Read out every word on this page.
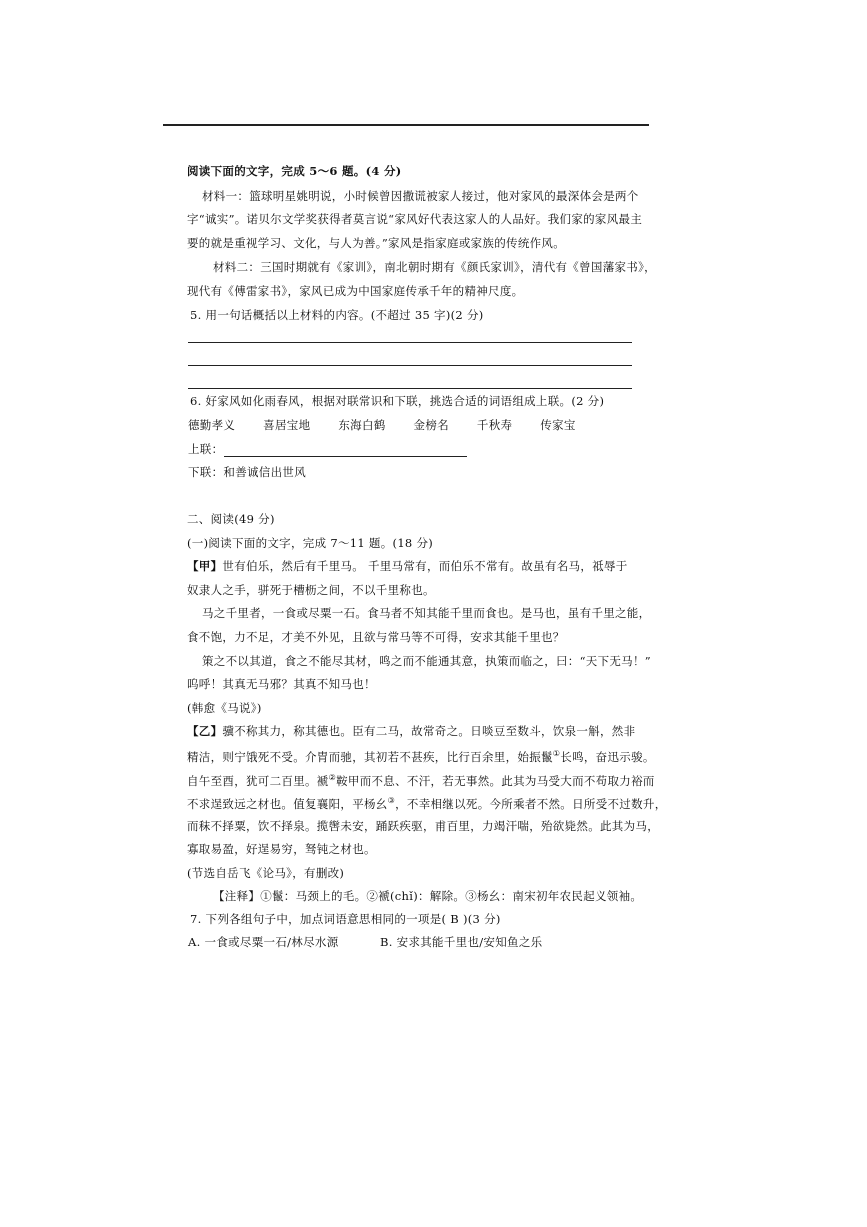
阅读下面的文字，完成 5～6 题。(4 分)
材料一：篮球明星姚明说，小时候曾因撒谎被家人接过，他对家风的最深体会是两个
字“诚实”。诺贝尔文学奖获得者莫言说“家风好代表这家人的人品好。我们家的家风最主
要的就是重视学习、文化，与人为善。”家风是指家庭或家族的传统作风。
材料二：三国时期就有《家训》，南北朝时期有《颜氏家训》，清代有《曾国藩家书》，
现代有《傅雷家书》，家风已成为中国家庭传承千年的精神尺度。
5. 用一句话概括以上材料的内容。(不超过 35 字)(2 分)
6. 好家风如化雨春风，根据对联常识和下联，挑选合适的词语组成上联。(2 分)
德勤孝义 喜居宝地 东海白鹤 金榜名 千秋寿 传家宝
上联：
下联：和善诚信出世风
二、阅读(49 分)
(一)阅读下面的文字，完成 7～11 题。(18 分)
【甲】世有伯乐，然后有千里马。 千里马常有，而伯乐不常有。故虽有名马，祗辱于
奴隶人之手，骈死于槽枥之间，不以千里称也。
马之千里者，一食或尽粟一石。食马者不知其能千里而食也。是马也，虽有千里之能，
食不饱，力不足，才美不外见，且欲与常马等不可得，安求其能千里也？
策之不以其道，食之不能尽其材，鸣之而不能通其意，执策而临之，曰：“天下无马！”
呜呼！其真无马邪？其真不知马也！
(韩愈《马说》)
【乙】骥不称其力，称其德也。臣有二马，故常奇之。日啖豆至数斗，饮泉一斛，然非
精洁，则宁饿死不受。介胄而驰，其初若不甚疾，比行百余里，始振鬣①长鸣，奋迅示骏。
自午至酉，犹可二百里。褫②鞍甲而不息、不汗，若无事然。此其为马受大而不苟取力裕而
不求逞致远之材也。值复襄阳，平杨幺③，不幸相继以死。今所乘者不然。日所受不过数升，
而秣不择粟，饮不择泉。揽辔未安，踊跃疾驱，甫百里，力竭汗喘，殆欲毙然。此其为马，
寡取易盈，好逞易穷，驽钝之材也。
(节选自岳飞《论马》，有删改)
【注释】①鬣：马颈上的毛。②褫(chǐ)：解除。③杨幺：南宋初年农民起义领袖。
7. 下列各组句子中，加点词语意思相同的一项是( B )(3 分)
A. 一食或尽粟一石/林尽水源	B. 安求其能千里也/安知鱼之乐
